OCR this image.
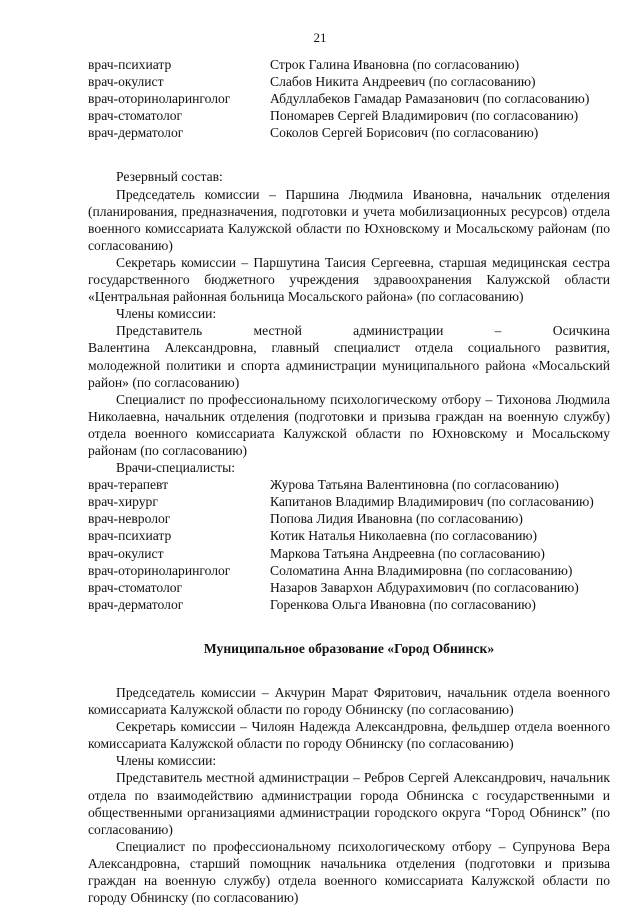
21
врач-психиатр	Строк Галина Ивановна (по согласованию)
врач-окулист	Слабов Никита Андреевич (по согласованию)
врач-оториноларинголог	Абдуллабеков Гамадар Рамазанович (по согласованию)
врач-стоматолог	Пономарев Сергей Владимирович (по согласованию)
врач-дерматолог	Соколов Сергей Борисович (по согласованию)

Резервный состав:

Председатель комиссии – Паршина Людмила Ивановна, начальник отделения (планирования, предназначения, подготовки и учета мобилизационных ресурсов) отдела военного комиссариата Калужской области по Юхновскому и Мосальскому районам (по согласованию)

Секретарь комиссии – Паршутина Таисия Сергеевна, старшая медицинская сестра государственного бюджетного учреждения здравоохранения Калужской области «Центральная районная больница Мосальского района» (по согласованию)

Члены комиссии:

Представитель	местной	администрации	–	Осичкина

Валентина Александровна, главный специалист отдела социального развития, молодежной политики и спорта администрации муниципального района «Мосальский район» (по согласованию)

Специалист по профессиональному психологическому отбору – Тихонова Людмила Николаевна, начальник отделения (подготовки и призыва граждан на военную службу) отдела военного комиссариата Калужской области по Юхновскому и Мосальскому районам (по согласованию)

Врачи-специалисты:

врач-терапевт	Журова Татьяна Валентиновна (по согласованию)
врач-хирург	Капитанов Владимир Владимирович (по согласованию)
врач-невролог	Попова Лидия Ивановна (по согласованию)
врач-психиатр	Котик Наталья Николаевна (по согласованию)
врач-окулист	Маркова Татьяна Андреевна (по согласованию)
врач-оториноларинголог	Соломатина Анна Владимировна (по согласованию)
врач-стоматолог	Назаров Завархон Абдурахимович (по согласованию)
врач-дерматолог	Горенкова Ольга Ивановна (по согласованию)

Муниципальное образование «Город Обнинск»

Председатель комиссии – Акчурин Марат Фяритович, начальник отдела военного комиссариата Калужской области по городу Обнинску (по согласованию)

Секретарь комиссии – Чилоян Надежда Александровна, фельдшер отдела военного комиссариата Калужской области по городу Обнинску (по согласованию)

Члены комиссии:

Представитель местной администрации – Ребров Сергей Александрович, начальник отдела по взаимодействию администрации города Обнинска с государственными и общественными организациями администрации городского округа “Город Обнинск” (по согласованию)

Специалист по профессиональному психологическому отбору – Супрунова Вера Александровна, старший помощник начальника отделения (подготовки и призыва граждан на военную службу) отдела военного комиссариата Калужской области по городу Обнинску (по согласованию)
